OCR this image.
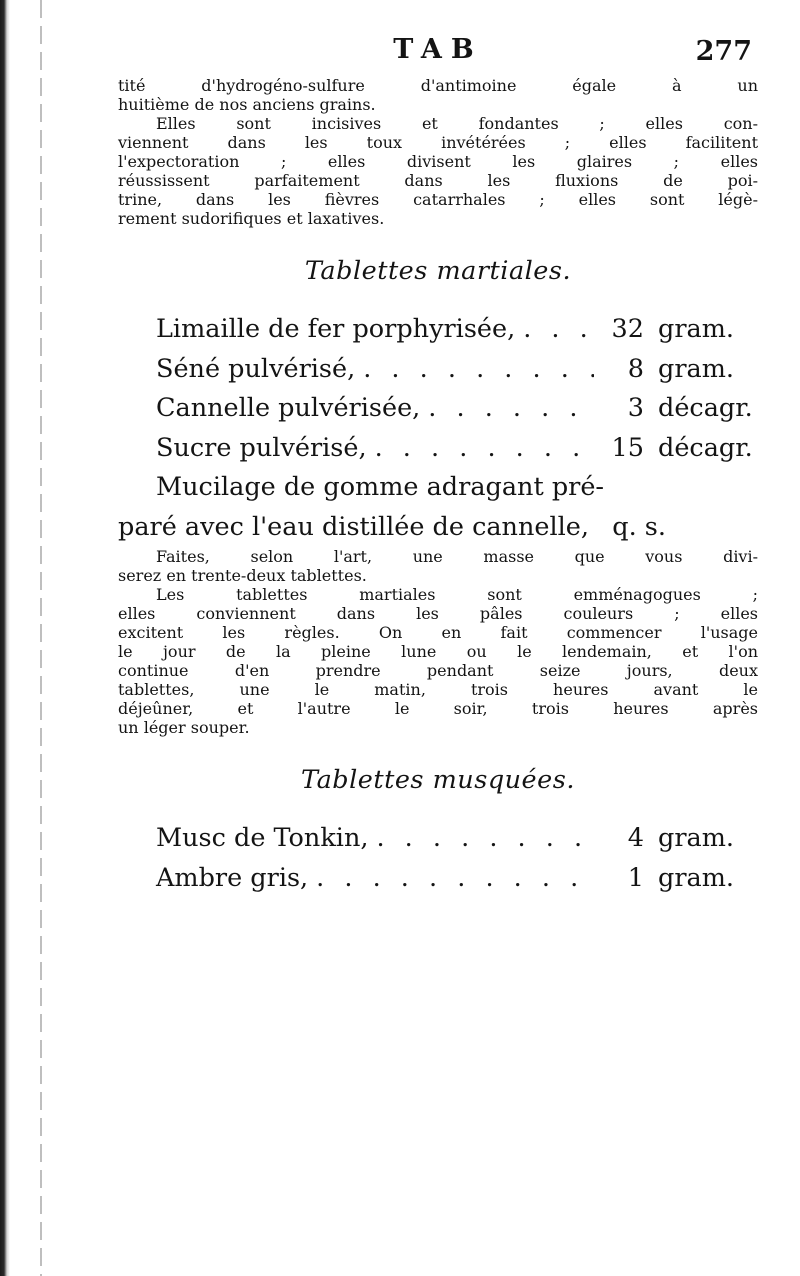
TAB	277
tité d'hydrogéno-sulfure d'antimoine égale à un
huitième de nos anciens grains.
Elles sont incisives et fondantes ; elles con-
viennent dans les toux invétérées ; elles facilitent
l'expectoration ; elles divisent les glaires ; elles
réussissent parfaitement dans les fluxions de poi-
trine, dans les fièvres catarrhales ; elles sont légè-
rement sudorifiques et laxatives.
Tablettes martiales.
Limaille de fer porphyrisée, . . .	32 gram.
Séné pulvérisé, . . .	8 gram.
Cannelle pulvérisée, . . .	3 décagr.
Sucre pulvérisé, . . .	15 décagr.
Mucilage de gomme adragant pré-
paré avec l'eau distillée de cannelle, q. s.
Faites, selon l'art, une masse que vous divi-
serez en trente-deux tablettes.
Les tablettes martiales sont emménagogues ;
elles conviennent dans les pâles couleurs ; elles
excitent les règles. On en fait commencer l'usage
le jour de la pleine lune ou le lendemain, et l'on
continue d'en prendre pendant seize jours, deux
tablettes, une le matin, trois heures avant le
déjeûner, et l'autre le soir, trois heures après
un léger souper.
Tablettes musquées.
Musc de Tonkin, . . .	4 gram.
Ambre gris, . . .	1 gram.
